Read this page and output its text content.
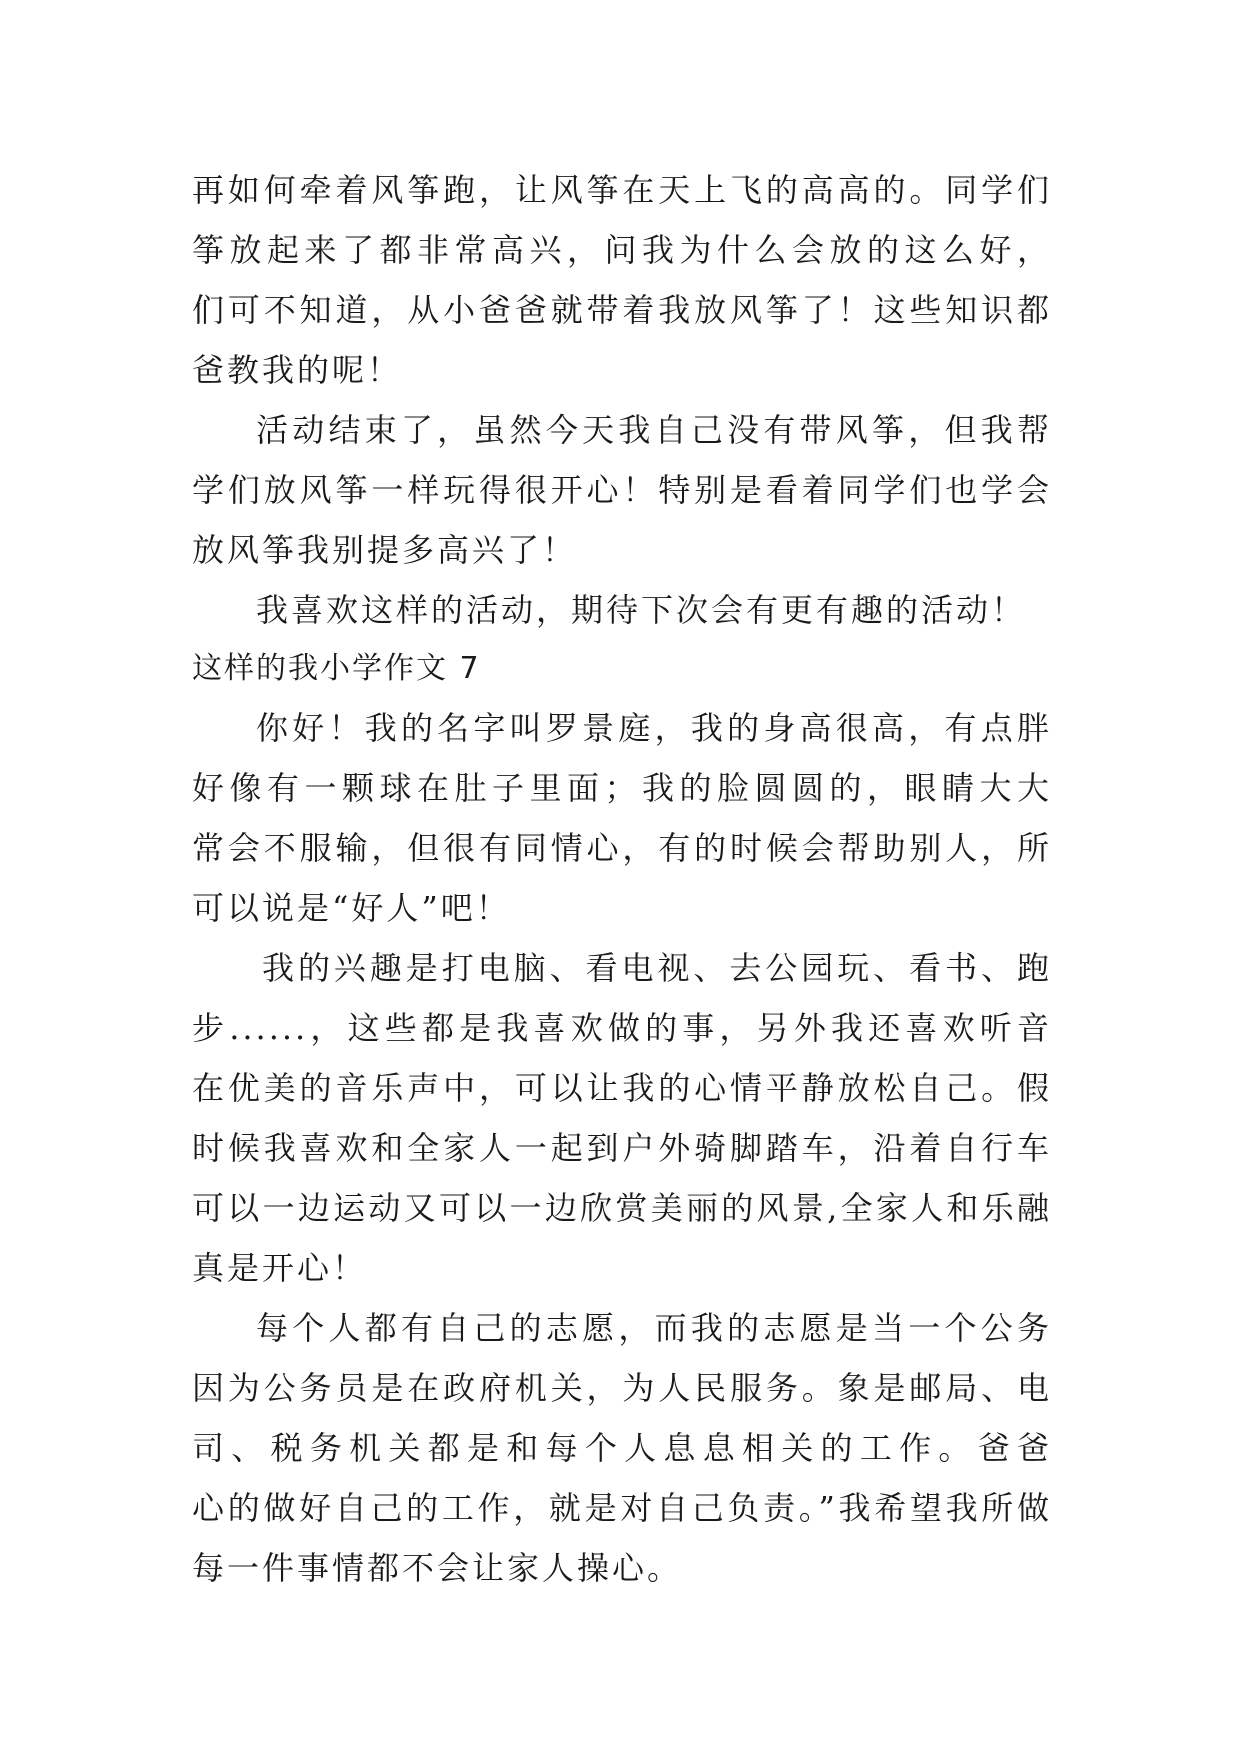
再如何牵着风筝跑，让风筝在天上飞的高高的。同学们
筝放起来了都非常高兴，问我为什么会放的这么好，
们可不知道，从小爸爸就带着我放风筝了！这些知识都
爸教我的呢！
活动结束了，虽然今天我自己没有带风筝，但我帮
学们放风筝一样玩得很开心！特别是看着同学们也学会
放风筝我别提多高兴了！
我喜欢这样的活动，期待下次会有更有趣的活动！
这样的我小学作文 7
你好！我的名字叫罗景庭，我的身高很高，有点胖
好像有一颗球在肚子里面；我的脸圆圆的，眼睛大大
常会不服输，但很有同情心，有的时候会帮助别人，所
可以说是“好人”吧！
我的兴趣是打电脑、看电视、去公园玩、看书、跑
步......，这些都是我喜欢做的事，另外我还喜欢听音
在优美的音乐声中，可以让我的心情平静放松自己。假
时候我喜欢和全家人一起到户外骑脚踏车，沿着自行车
可以一边运动又可以一边欣赏美丽的风景,全家人和乐融
真是开心！
每个人都有自己的志愿，而我的志愿是当一个公务
因为公务员是在政府机关，为人民服务。象是邮局、电
司、税务机关都是和每个人息息相关的工作。爸爸
心的做好自己的工作，就是对自己负责。”我希望我所做
每一件事情都不会让家人操心。
